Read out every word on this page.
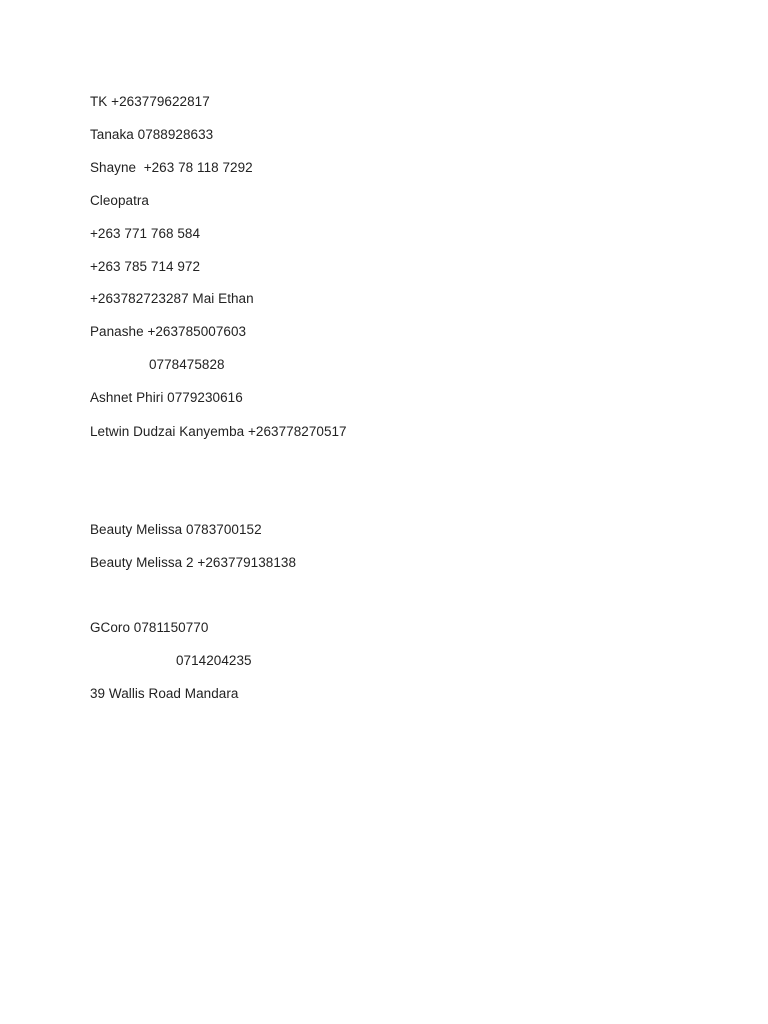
TK +263779622817
Tanaka 0788928633
Shayne  +263 78 118 7292
Cleopatra
+263 771 768 584
+263 785 714 972
+263782723287 Mai Ethan
Panashe +263785007603
0778475828
Ashnet Phiri 0779230616
Letwin Dudzai Kanyemba +263778270517
Beauty Melissa 0783700152
Beauty Melissa 2 +263779138138
GCoro 0781150770
0714204235
39 Wallis Road Mandara
